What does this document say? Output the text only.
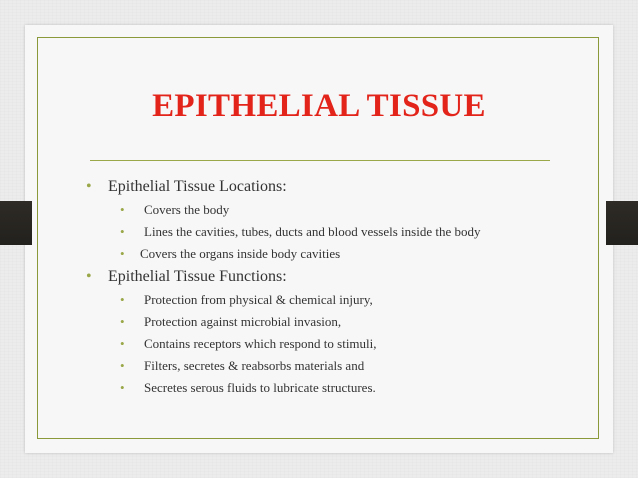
EPITHELIAL TISSUE

• Epithelial Tissue Locations:

• Covers the body

• Lines the cavities, tubes, ducts and blood vessels inside the body

• Covers the organs inside body cavities

• Epithelial Tissue Functions:

• Protection from physical & chemical injury,

• Protection against microbial invasion,

• Contains receptors which respond to stimuli,

• Filters, secretes & reabsorbs materials and

• Secretes serous fluids to lubricate structures.
